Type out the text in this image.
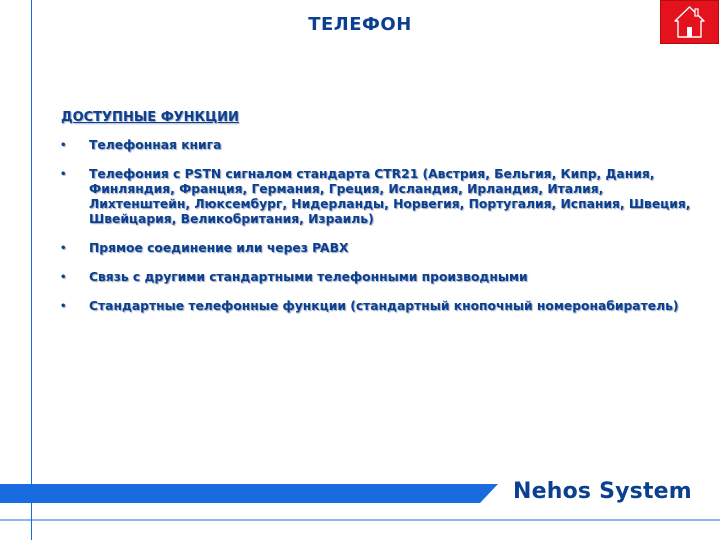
ТЕЛЕФОН
ДОСТУПНЫЕ ФУНКЦИИ
• Телефонная книга
• Телефония с PSTN сигналом стандарта CTR21 (Австрия, Бельгия, Кипр, Дания, Финляндия, Франция, Германия, Греция, Исландия, Ирландия, Италия, Лихтенштейн, Люксембург, Нидерланды, Норвегия, Португалия, Испания, Швеция, Швейцария, Великобритания, Израиль)
• Прямое соединение или через PABX
• Связь с другими стандартными телефонными производными
• Стандартные телефонные функции (стандартный кнопочный номеронабиратель)
Nehos System
